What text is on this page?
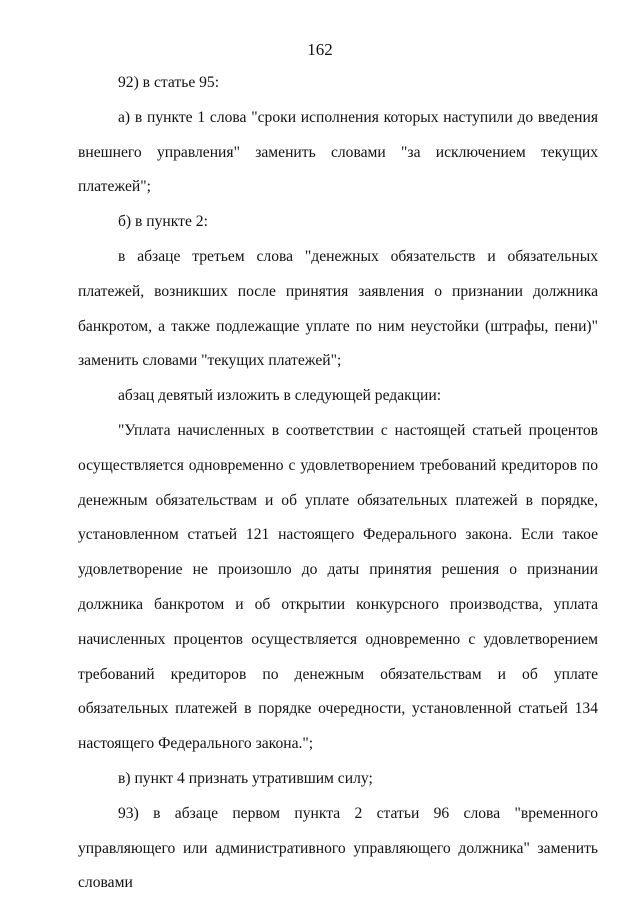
162

92) в статье 95:

а) в пункте 1 слова "сроки исполнения которых наступили до введения внешнего управления" заменить словами "за исключением текущих платежей";

б) в пункте 2:

в абзаце третьем слова "денежных обязательств и обязательных платежей, возникших после принятия заявления о признании должника банкротом, а также подлежащие уплате по ним неустойки (штрафы, пени)" заменить словами "текущих платежей";

абзац девятый изложить в следующей редакции:

"Уплата начисленных в соответствии с настоящей статьей процентов осуществляется одновременно с удовлетворением требований кредиторов по денежным обязательствам и об уплате обязательных платежей в порядке, установленном статьей 121 настоящего Федерального закона. Если такое удовлетворение не произошло до даты принятия решения о признании должника банкротом и об открытии конкурсного производства, уплата начисленных процентов осуществляется одновременно с удовлетворением требований кредиторов по денежным обязательствам и об уплате обязательных платежей в порядке очередности, установленной статьей 134 настоящего Федерального закона.";

в) пункт 4 признать утратившим силу;

93) в абзаце первом пункта 2 статьи 96 слова "временного управляющего или административного управляющего должника" заменить словами
